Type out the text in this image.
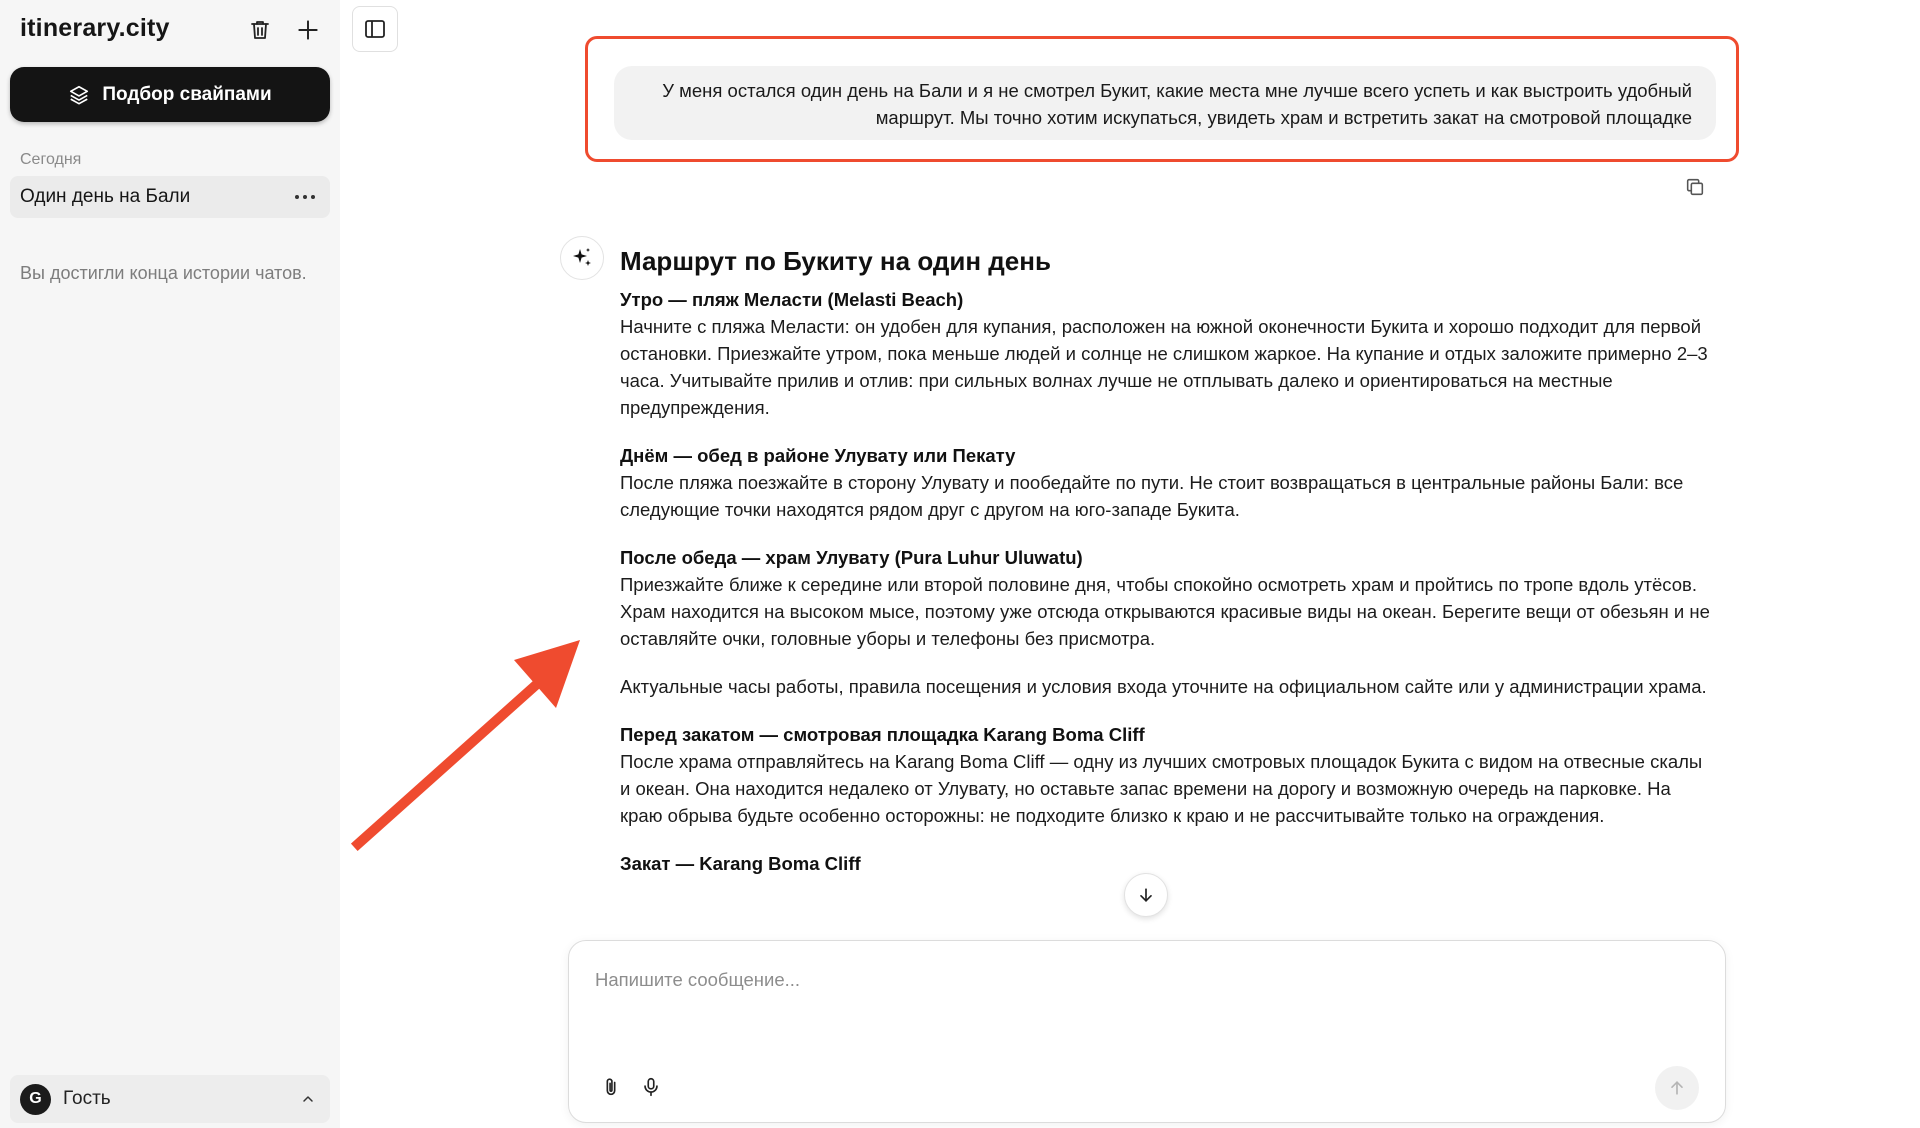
itinerary.city
Подбор свайпами
Сегодня
Один день на Бали
Вы достигли конца истории чатов.
G	Гость
У меня остался один день на Бали и я не смотрел Букит, какие места мне лучше всего успеть и как выстроить удобный маршрут. Мы точно хотим искупаться, увидеть храм и встретить закат на смотровой площадке
Маршрут по Букиту на один день
Утро — пляж Меласти (Melasti Beach)

Начните с пляжа Меласти: он удобен для купания, расположен на южной оконечности Букита и хорошо подходит для первой остановки. Приезжайте утром, пока меньше людей и солнце не слишком жаркое. На купание и отдых заложите примерно 2–3 часа. Учитывайте прилив и отлив: при сильных волнах лучше не отплывать далеко и ориентироваться на местные предупреждения.

Днём — обед в районе Улувату или Пекату

После пляжа поезжайте в сторону Улувату и пообедайте по пути. Не стоит возвращаться в центральные районы Бали: все следующие точки находятся рядом друг с другом на юго-западе Букита.

После обеда — храм Улувату (Pura Luhur Uluwatu)

Приезжайте ближе к середине или второй половине дня, чтобы спокойно осмотреть храм и пройтись по тропе вдоль утёсов. Храм находится на высоком мысе, поэтому уже отсюда открываются красивые виды на океан. Берегите вещи от обезьян и не оставляйте очки, головные уборы и телефоны без присмотра.

Актуальные часы работы, правила посещения и условия входа уточните на официальном сайте или у администрации храма.

Перед закатом — смотровая площадка Karang Boma Cliff

После храма отправляйтесь на Karang Boma Cliff — одну из лучших смотровых площадок Букита с видом на отвесные скалы и океан. Она находится недалеко от Улувату, но оставьте запас времени на дорогу и возможную очередь на парковке. На краю обрыва будьте особенно осторожны: не подходите близко к краю и не рассчитывайте только на ограждения.

Закат — Karang Boma Cliff
Напишите сообщение...
